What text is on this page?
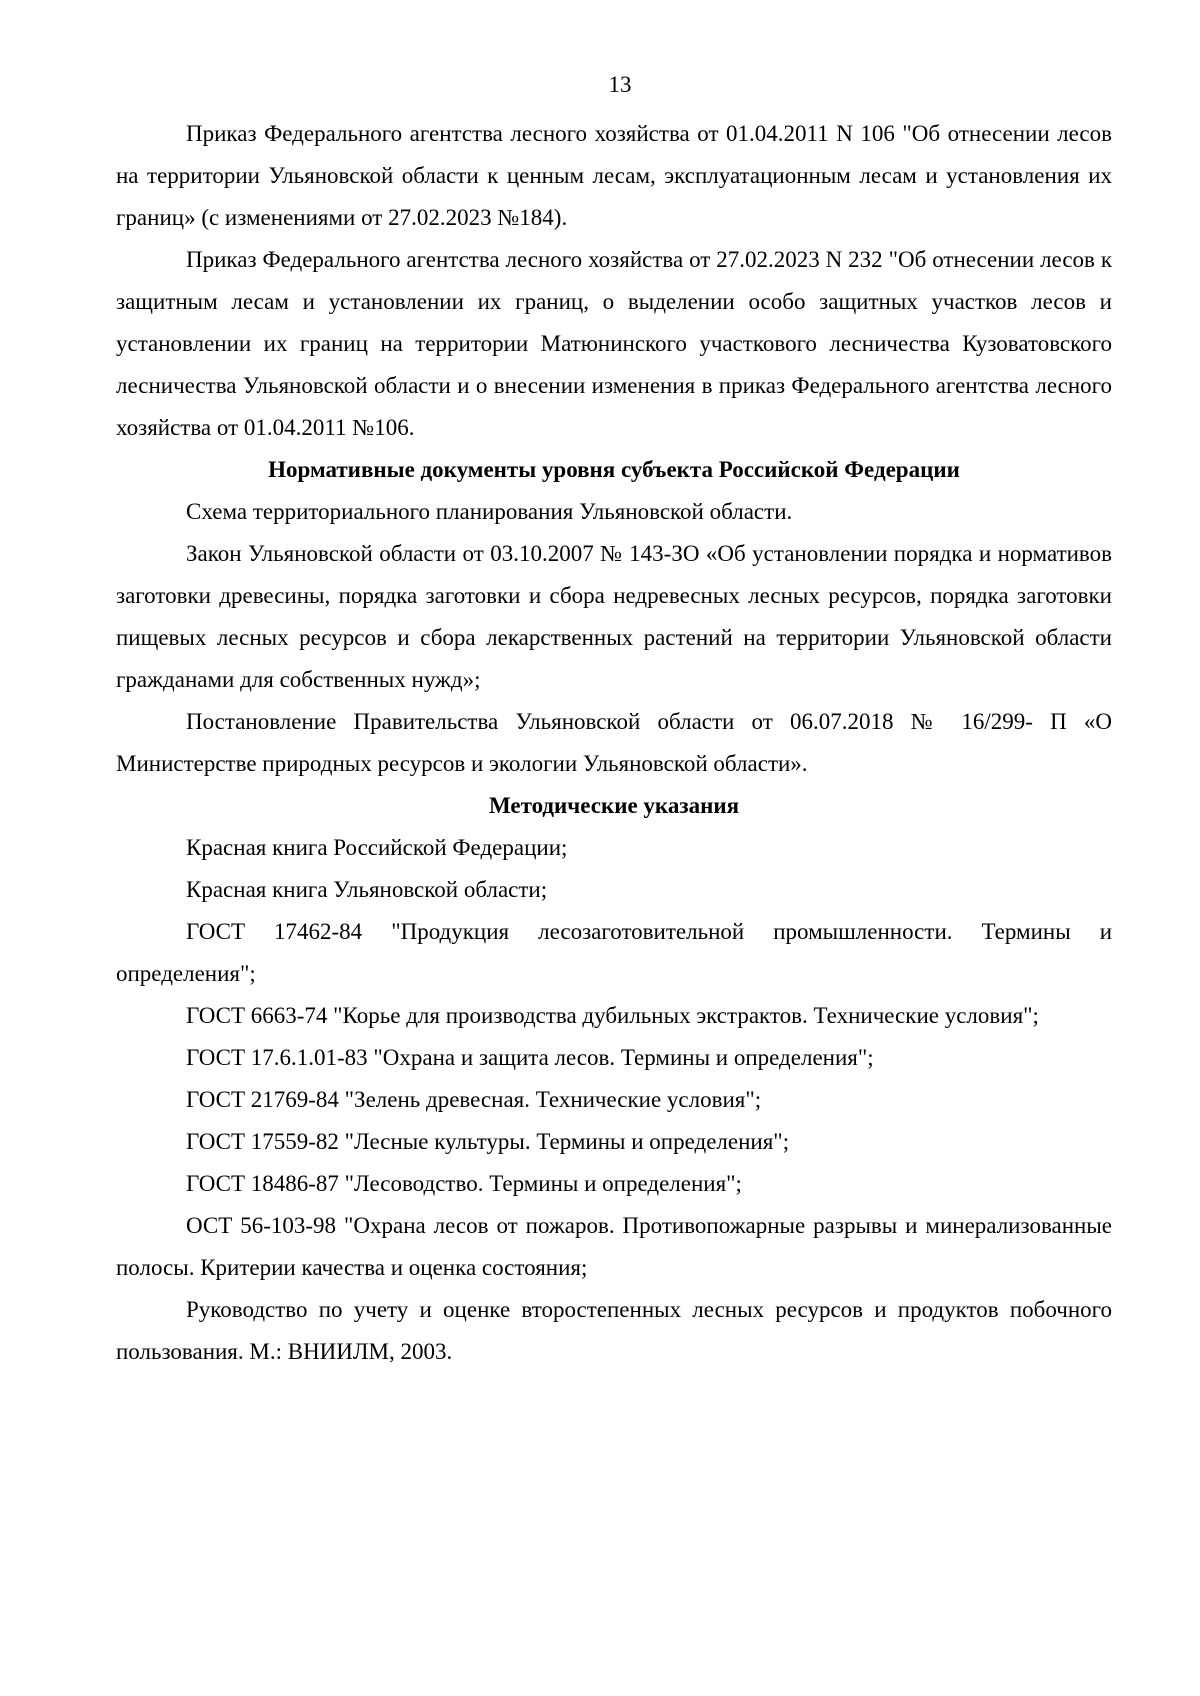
13

Приказ Федерального агентства лесного хозяйства от 01.04.2011 N 106 "Об отнесении лесов на территории Ульяновской области к ценным лесам, эксплуатационным лесам и установления их границ» (с изменениями от 27.02.2023 №184).

Приказ Федерального агентства лесного хозяйства от 27.02.2023 N 232 "Об отнесении лесов к защитным лесам и установлении их границ, о выделении особо защитных участков лесов и установлении их границ на территории Матюнинского участкового лесничества Кузоватовского лесничества Ульяновской области и о внесении изменения в приказ Федерального агентства лесного хозяйства от 01.04.2011 №106.

Нормативные документы уровня субъекта Российской Федерации

Схема территориального планирования Ульяновской области.

Закон Ульяновской области от 03.10.2007 № 143-ЗО «Об установлении порядка и нормативов заготовки древесины, порядка заготовки и сбора недревесных лесных ресурсов, порядка заготовки пищевых лесных ресурсов и сбора лекарственных растений на территории Ульяновской области гражданами для собственных нужд»;

Постановление Правительства Ульяновской области от 06.07.2018 № 16/299- П «О Министерстве природных ресурсов и экологии Ульяновской области».

Методические указания

Красная книга Российской Федерации;

Красная книга Ульяновской области;

ГОСТ 17462-84 "Продукция лесозаготовительной промышленности. Термины и определения";

ГОСТ 6663-74 "Корье для производства дубильных экстрактов. Технические условия";

ГОСТ 17.6.1.01-83 "Охрана и защита лесов. Термины и определения";

ГОСТ 21769-84 "Зелень древесная. Технические условия";

ГОСТ 17559-82 "Лесные культуры. Термины и определения";

ГОСТ 18486-87 "Лесоводство. Термины и определения";

ОСТ 56-103-98 "Охрана лесов от пожаров. Противопожарные разрывы и минерализованные полосы. Критерии качества и оценка состояния;

Руководство по учету и оценке второстепенных лесных ресурсов и продуктов побочного пользования. М.: ВНИИЛМ, 2003.
